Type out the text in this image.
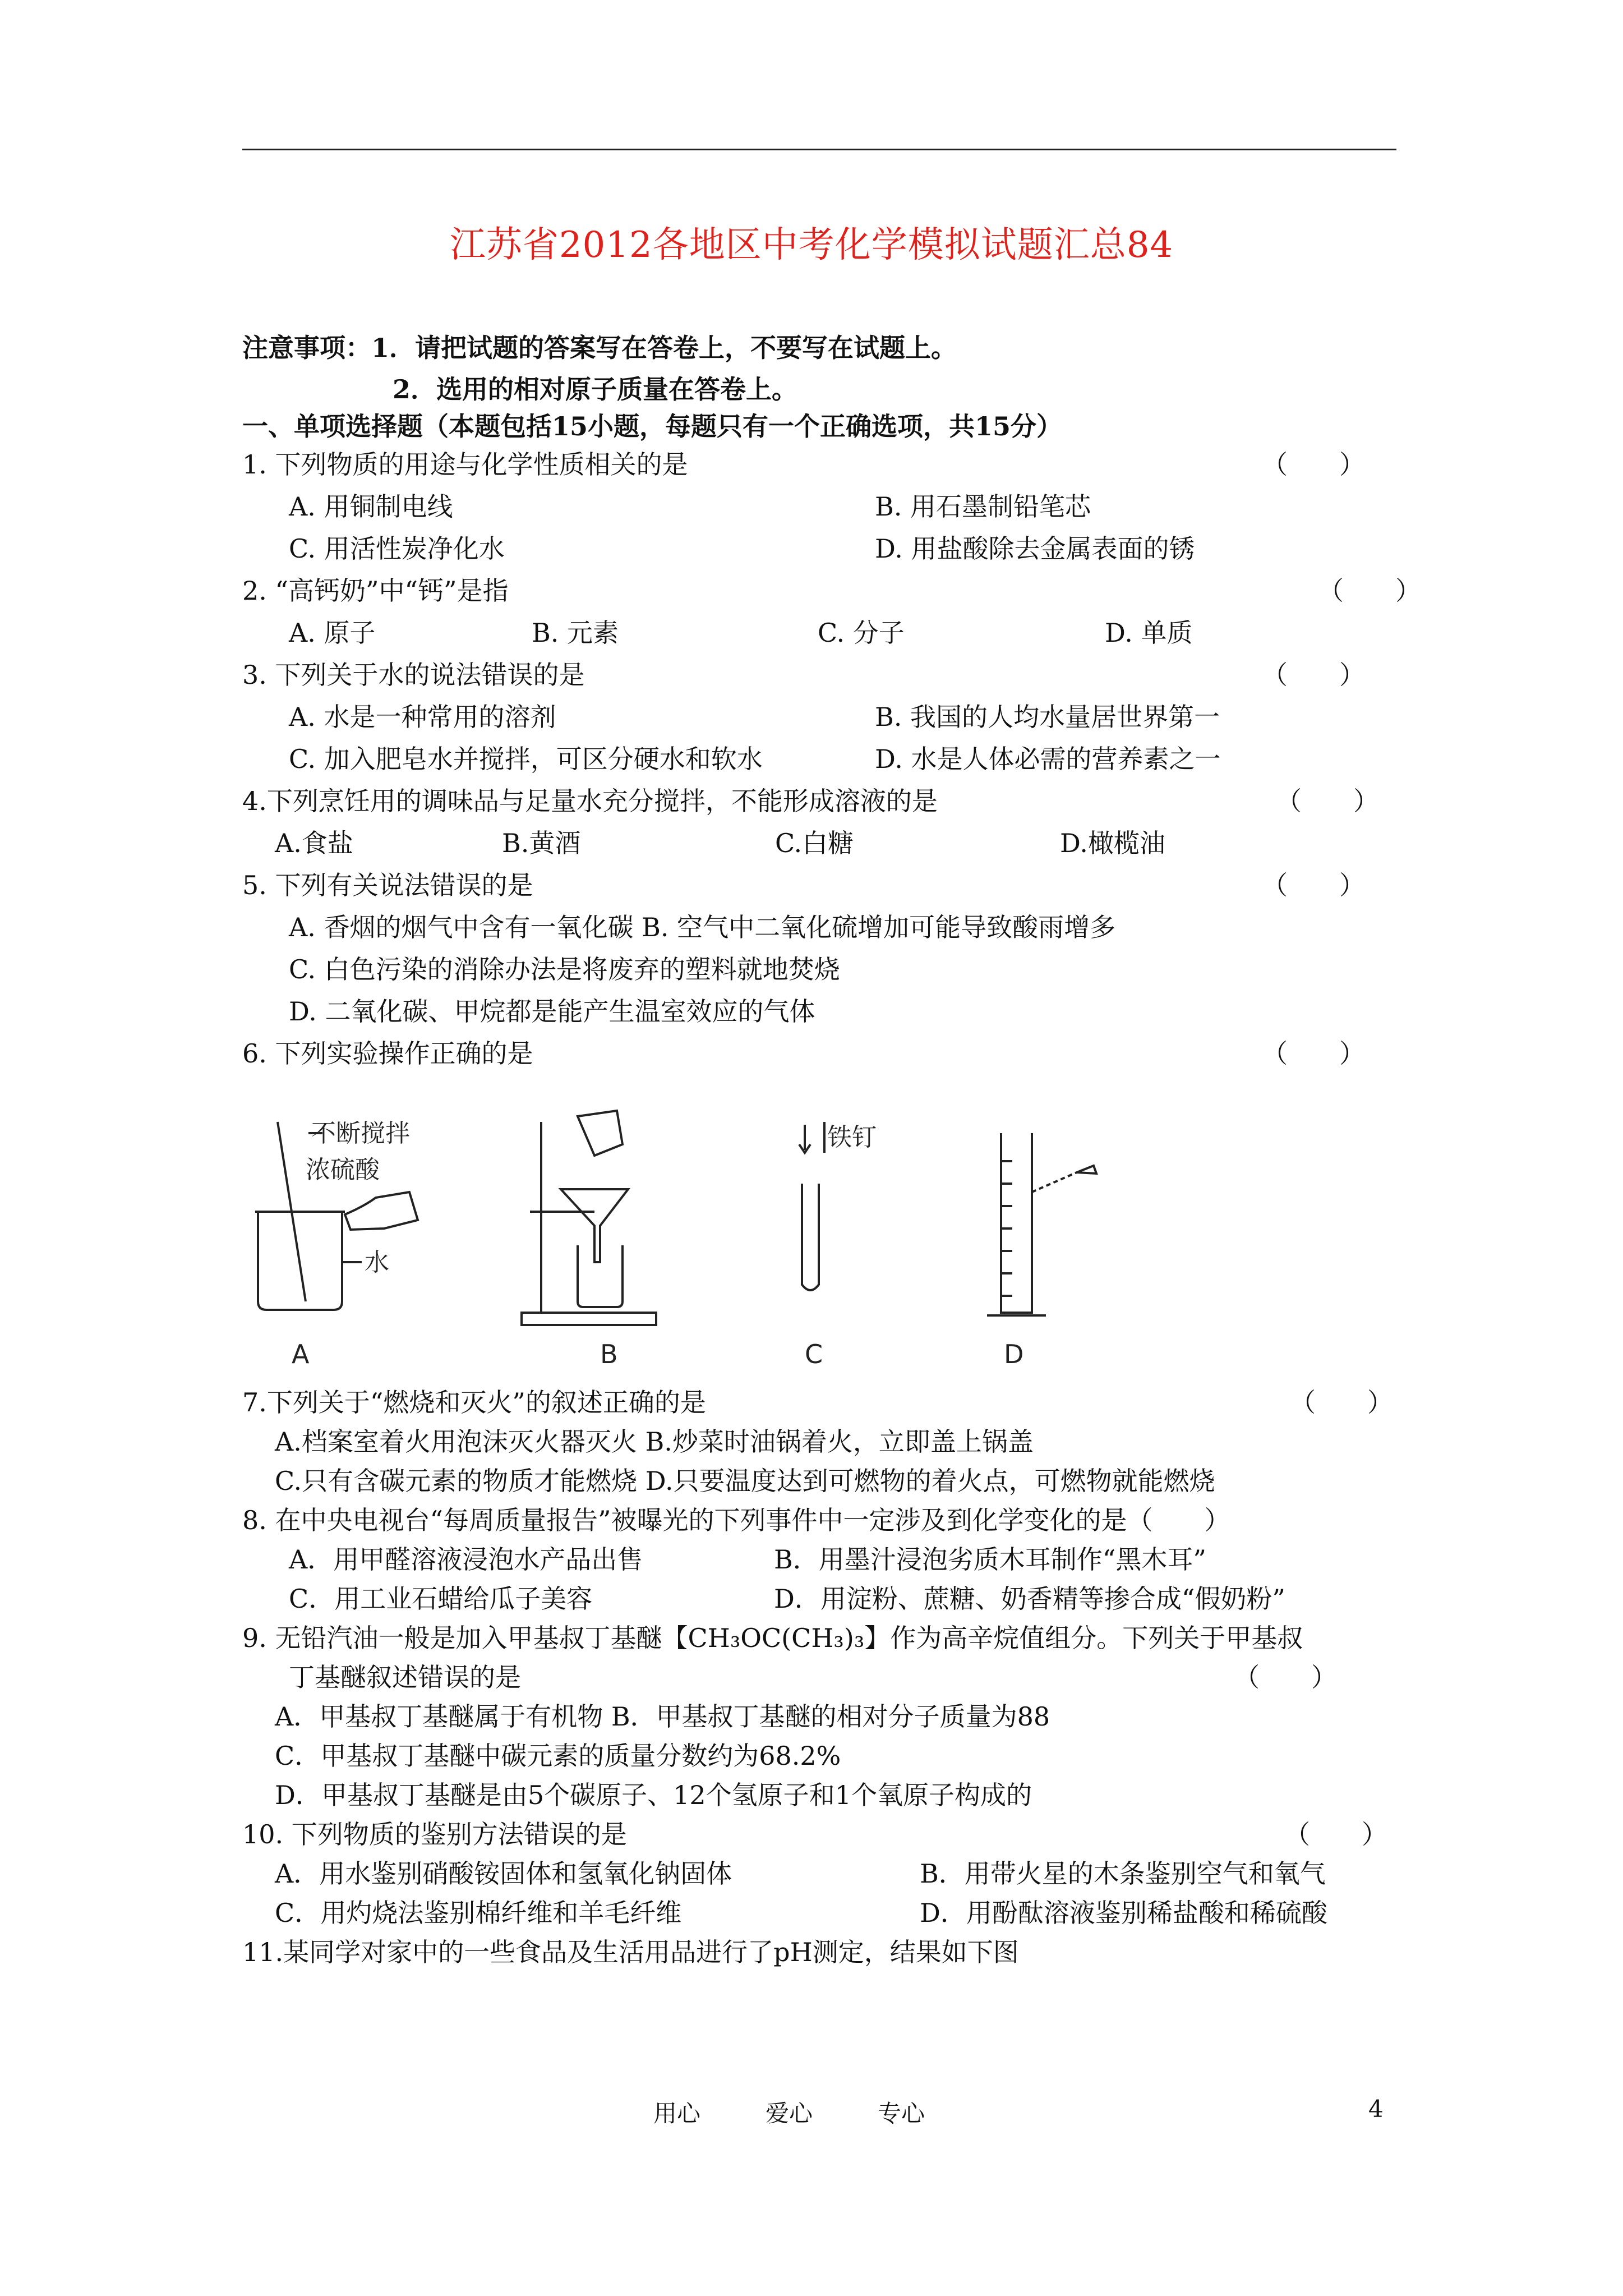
江苏省2012各地区中考化学模拟试题汇总84
注意事项：1．请把试题的答案写在答卷上，不要写在试题上。
2．选用的相对原子质量在答卷上。
一、单项选择题（本题包括15小题，每题只有一个正确选项，共15分）
1. 下列物质的用途与化学性质相关的是	（　　）
A. 用铜制电线	B. 用石墨制铅笔芯
C. 用活性炭净化水	D. 用盐酸除去金属表面的锈
2. “高钙奶”中“钙”是指	（　　）
A. 原子	B. 元素	C. 分子	D. 单质
3. 下列关于水的说法错误的是	（　　）
A. 水是一种常用的溶剂	B. 我国的人均水量居世界第一
C. 加入肥皂水并搅拌，可区分硬水和软水	D. 水是人体必需的营养素之一
4.下列烹饪用的调味品与足量水充分搅拌，不能形成溶液的是	（　　）
A.食盐	B.黄酒	C.白糖	D.橄榄油
5. 下列有关说法错误的是	（　　）
A. 香烟的烟气中含有一氧化碳 B. 空气中二氧化硫增加可能导致酸雨增多
C. 白色污染的消除办法是将废弃的塑料就地焚烧
D. 二氧化碳、甲烷都是能产生温室效应的气体
6. 下列实验操作正确的是	（　　）
不断搅拌
浓硫酸
水
铁钉
A	B	C	D
7.下列关于“燃烧和灭火”的叙述正确的是	（　　）
A.档案室着火用泡沫灭火器灭火 B.炒菜时油锅着火，立即盖上锅盖
C.只有含碳元素的物质才能燃烧 D.只要温度达到可燃物的着火点，可燃物就能燃烧
8. 在中央电视台“每周质量报告”被曝光的下列事件中一定涉及到化学变化的是（　　）
A．用甲醛溶液浸泡水产品出售	B．用墨汁浸泡劣质木耳制作“黑木耳”
C．用工业石蜡给瓜子美容	D．用淀粉、蔗糖、奶香精等掺合成“假奶粉”
9. 无铅汽油一般是加入甲基叔丁基醚【CH₃OC(CH₃)₃】作为高辛烷值组分。下列关于甲基叔
丁基醚叙述错误的是	（　　）
A．甲基叔丁基醚属于有机物 B．甲基叔丁基醚的相对分子质量为88
C．甲基叔丁基醚中碳元素的质量分数约为68.2%
D．甲基叔丁基醚是由5个碳原子、12个氢原子和1个氧原子构成的
10. 下列物质的鉴别方法错误的是	（　　）
A．用水鉴别硝酸铵固体和氢氧化钠固体	B．用带火星的木条鉴别空气和氧气
C．用灼烧法鉴别棉纤维和羊毛纤维	D．用酚酞溶液鉴别稀盐酸和稀硫酸
11.某同学对家中的一些食品及生活用品进行了pH测定，结果如下图
用心	爱心	专心	4
